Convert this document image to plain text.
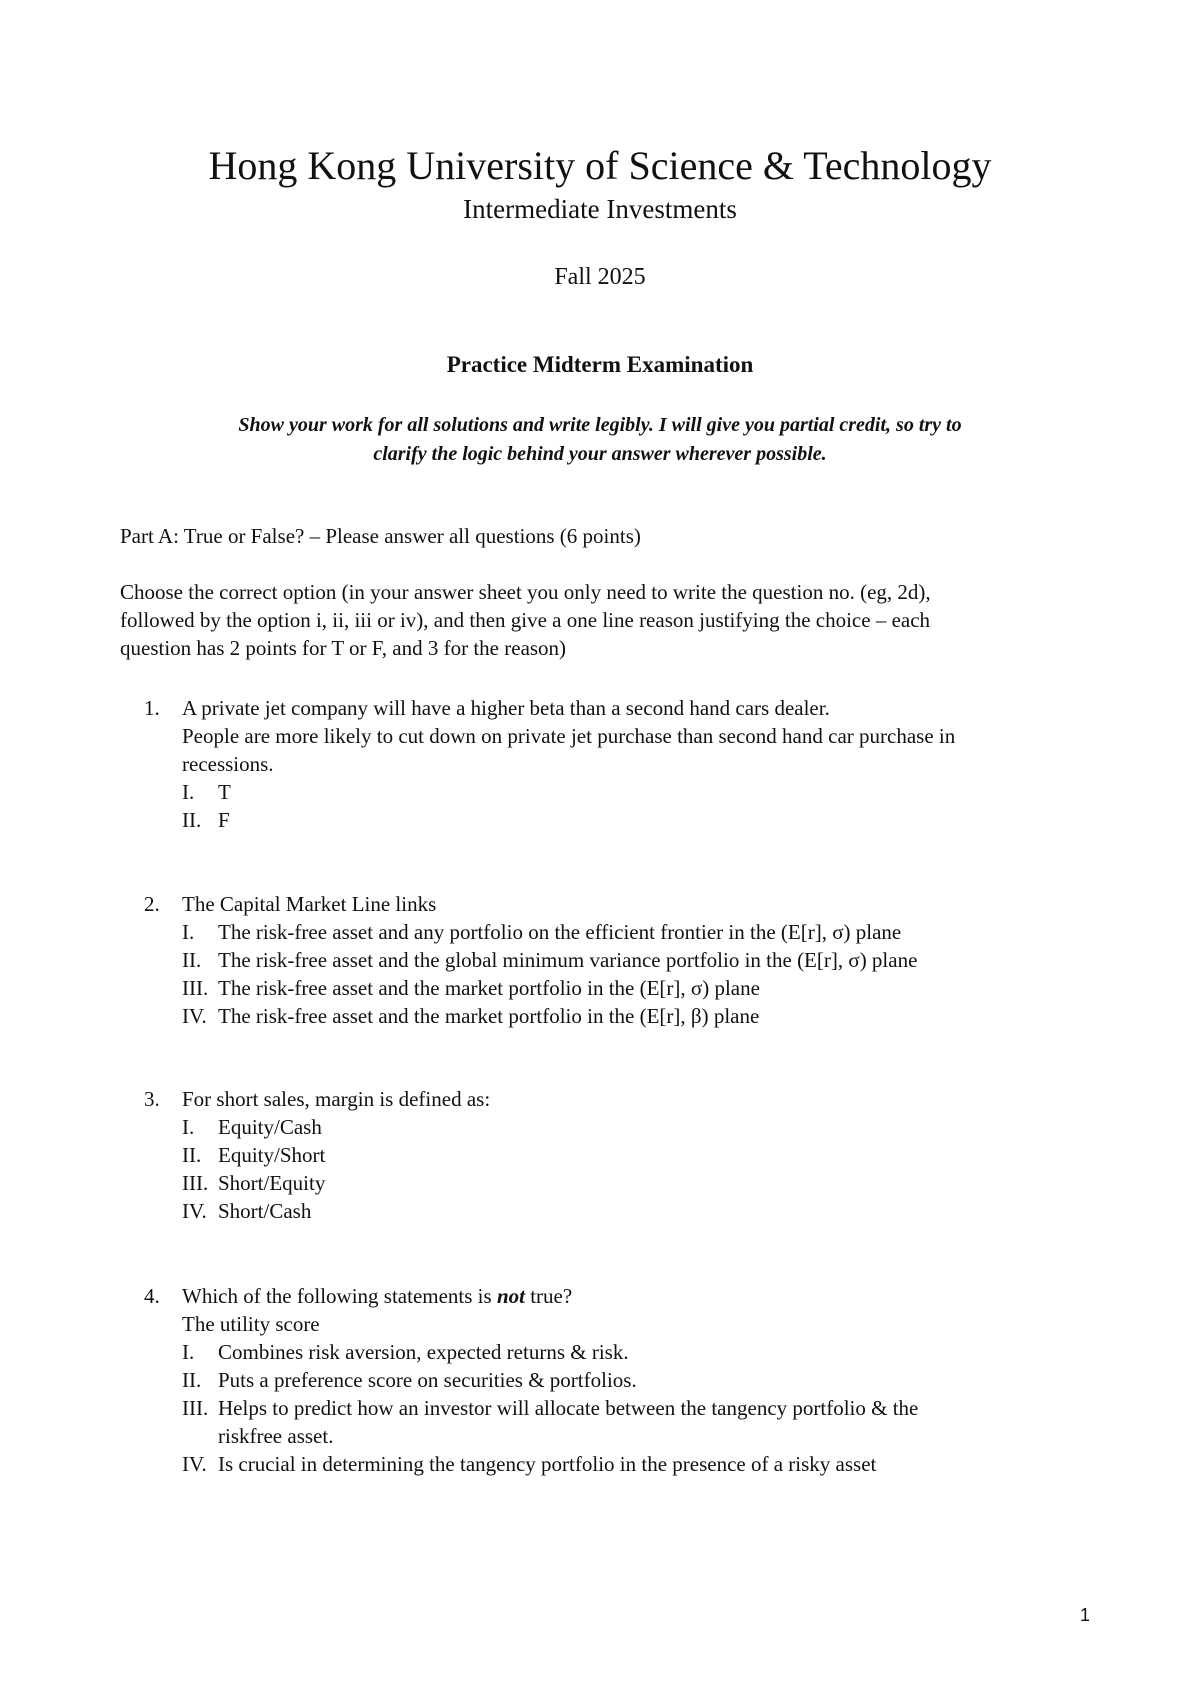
Hong Kong University of Science & Technology
Intermediate Investments
Fall 2025
Practice Midterm Examination
Show your work for all solutions and write legibly. I will give you partial credit, so try to
clarify the logic behind your answer wherever possible.
Part A: True or False? – Please answer all questions (6 points)
Choose the correct option (in your answer sheet you only need to write the question no. (eg, 2d),
followed by the option i, ii, iii or iv), and then give a one line reason justifying the choice – each
question has 2 points for T or F, and 3 for the reason)
1.	A private jet company will have a higher beta than a second hand cars dealer.
People are more likely to cut down on private jet purchase than second hand car purchase in
recessions.
I. T
II. F
2.	The Capital Market Line links
I. The risk-free asset and any portfolio on the efficient frontier in the (E[r], σ) plane
II. The risk-free asset and the global minimum variance portfolio in the (E[r], σ) plane
III. The risk-free asset and the market portfolio in the (E[r], σ) plane
IV. The risk-free asset and the market portfolio in the (E[r], β) plane
3.	For short sales, margin is defined as:
I. Equity/Cash
II. Equity/Short
III. Short/Equity
IV. Short/Cash
4.	Which of the following statements is not true?
The utility score
I. Combines risk aversion, expected returns & risk.
II. Puts a preference score on securities & portfolios.
III. Helps to predict how an investor will allocate between the tangency portfolio & the
riskfree asset.
IV. Is crucial in determining the tangency portfolio in the presence of a risky asset
1
